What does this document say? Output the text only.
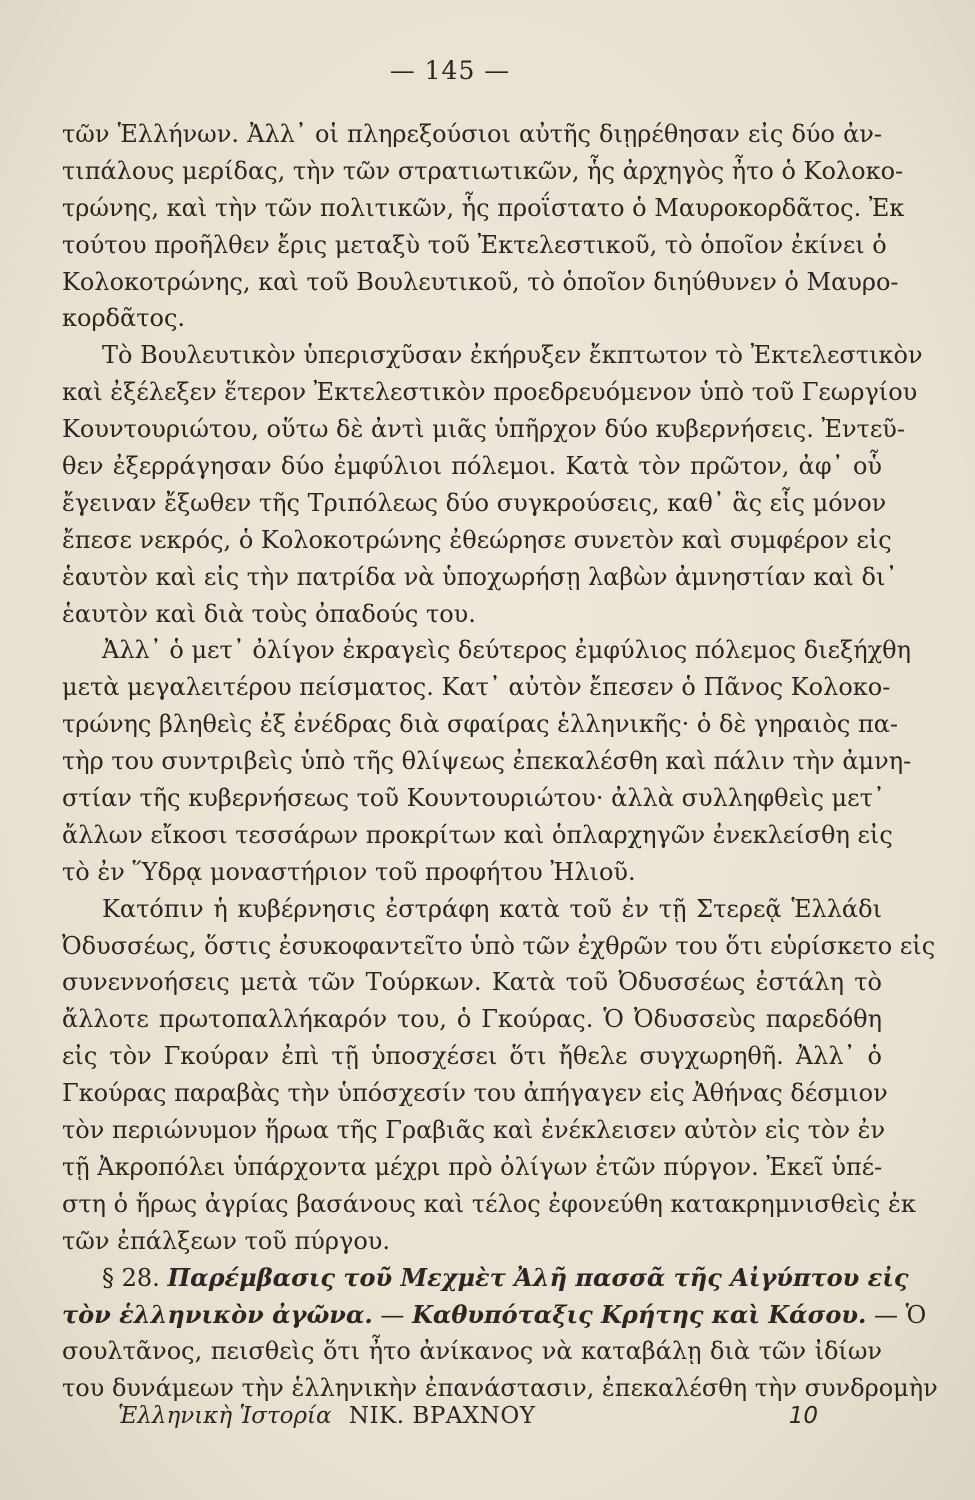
— 145 —
τῶν Ἑλλήνων. Ἀλλ᾽ οἱ πληρεξούσιοι αὐτῆς διῃρέθησαν εἰς δύο ἀν-
τιπάλους μερίδας, τὴν τῶν στρατιωτικῶν, ἧς ἀρχηγὸς ἦτο ὁ Κολοκο-
τρώνης, καὶ τὴν τῶν πολιτικῶν, ἧς προΐστατο ὁ Μαυροκορδᾶτος. Ἐκ
τούτου προῆλθεν ἔρις μεταξὺ τοῦ Ἐκτελεστικοῦ, τὸ ὁποῖον ἐκίνει ὁ
Κολοκοτρώνης, καὶ τοῦ Βουλευτικοῦ, τὸ ὁποῖον διηύθυνεν ὁ Μαυρο-
κορδᾶτος.
Τὸ Βουλευτικὸν ὑπερισχῦσαν ἐκήρυξεν ἔκπτωτον τὸ Ἐκτελεστικὸν
καὶ ἐξέλεξεν ἕτερον Ἐκτελεστικὸν προεδρευόμενον ὑπὸ τοῦ Γεωργίου
Κουντουριώτου, οὕτω δὲ ἀντὶ μιᾶς ὑπῆρχον δύο κυβερνήσεις. Ἐντεῦ-
θεν ἐξερράγησαν δύο ἐμφύλιοι πόλεμοι. Κατὰ τὸν πρῶτον, ἀφ᾽ οὗ
ἔγειναν ἔξωθεν τῆς Τριπόλεως δύο συγκρούσεις, καθ᾽ ἃς εἷς μόνον
ἔπεσε νεκρός, ὁ Κολοκοτρώνης ἐθεώρησε συνετὸν καὶ συμφέρον εἰς
ἑαυτὸν καὶ εἰς τὴν πατρίδα νὰ ὑποχωρήσῃ λαβὼν ἀμνηστίαν καὶ δι᾽
ἑαυτὸν καὶ διὰ τοὺς ὀπαδούς του.
Ἀλλ᾽ ὁ μετ᾽ ὀλίγον ἐκραγεὶς δεύτερος ἐμφύλιος πόλεμος διεξήχθη
μετὰ μεγαλειτέρου πείσματος. Κατ᾽ αὐτὸν ἔπεσεν ὁ Πᾶνος Κολοκο-
τρώνης βληθεὶς ἐξ ἐνέδρας διὰ σφαίρας ἑλληνικῆς· ὁ δὲ γηραιὸς πα-
τὴρ του συντριβεὶς ὑπὸ τῆς θλίψεως ἐπεκαλέσθη καὶ πάλιν τὴν ἀμνη-
στίαν τῆς κυβερνήσεως τοῦ Κουντουριώτου· ἀλλὰ συλληφθεὶς μετ᾽
ἄλλων εἴκοσι τεσσάρων προκρίτων καὶ ὁπλαρχηγῶν ἐνεκλείσθη εἰς
τὸ ἐν Ὕδρᾳ μοναστήριον τοῦ προφήτου Ἠλιοῦ.
Κατόπιν ἡ κυβέρνησις ἐστράφη κατὰ τοῦ ἐν τῇ Στερεᾷ Ἑλλάδι
Ὀδυσσέως, ὅστις ἐσυκοφαντεῖτο ὑπὸ τῶν ἐχθρῶν του ὅτι εὑρίσκετο εἰς
συνεννοήσεις μετὰ τῶν Τούρκων. Κατὰ τοῦ Ὀδυσσέως ἐστάλη τὸ
ἄλλοτε πρωτοπαλλήκαρόν του, ὁ Γκούρας. Ὁ Ὀδυσσεὺς παρεδόθη
εἰς τὸν Γκούραν ἐπὶ τῇ ὑποσχέσει ὅτι ἤθελε συγχωρηθῆ. Ἀλλ᾽ ὁ
Γκούρας παραβὰς τὴν ὑπόσχεσίν του ἀπήγαγεν εἰς Ἀθήνας δέσμιον
τὸν περιώνυμον ἥρωα τῆς Γραβιᾶς καὶ ἐνέκλεισεν αὐτὸν εἰς τὸν ἐν
τῇ Ἀκροπόλει ὑπάρχοντα μέχρι πρὸ ὀλίγων ἐτῶν πύργον. Ἐκεῖ ὑπέ-
στη ὁ ἥρως ἀγρίας βασάνους καὶ τέλος ἐφονεύθη κατακρημνισθεὶς ἐκ
τῶν ἐπάλξεων τοῦ πύργου.
§ 28. Παρέμβασις τοῦ Μεχμὲτ Ἀλῆ πασσᾶ τῆς Αἰγύπτου εἰς
τὸν ἑλληνικὸν ἀγῶνα. — Καθυπόταξις Κρήτης καὶ Κάσου. — Ὁ
σουλτᾶνος, πεισθεὶς ὅτι ἦτο ἀνίκανος νὰ καταβάλῃ διὰ τῶν ἰδίων
του δυνάμεων τὴν ἑλληνικὴν ἐπανάστασιν, ἐπεκαλέσθη τὴν συνδρομὴν
Ἑλληνικὴ Ἱστορία ΝΙΚ. ΒΡΑΧΝΟΥ	10
